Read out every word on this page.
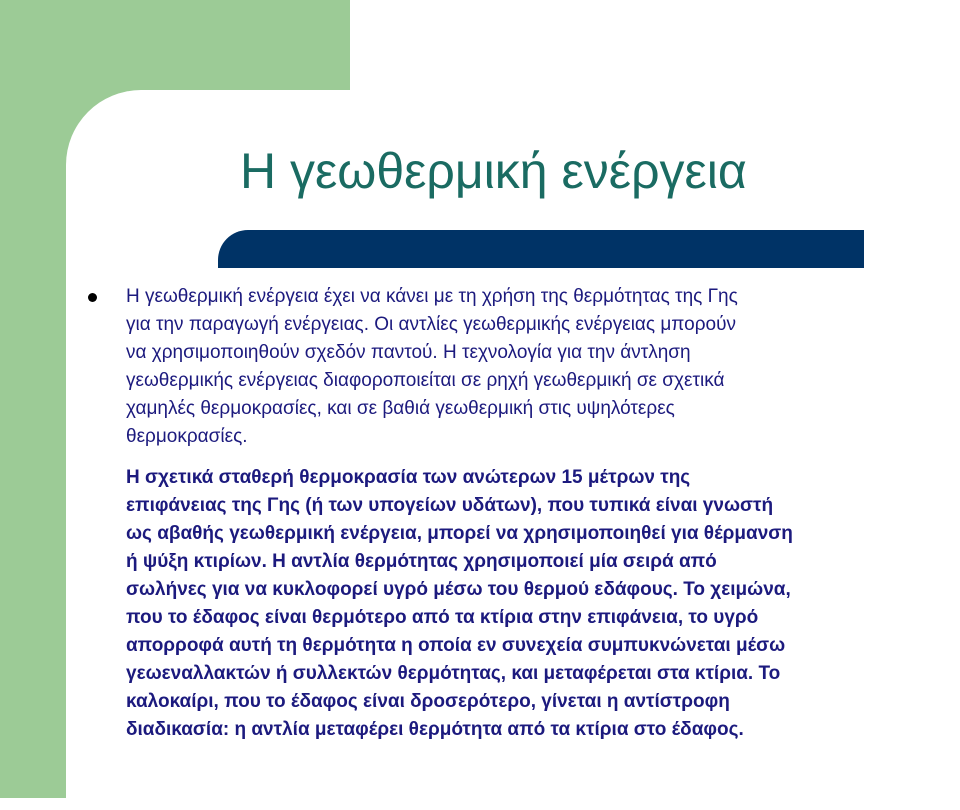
Η γεωθερμική ενέργεια

Η γεωθερμική ενέργεια έχει να κάνει με τη χρήση της θερμότητας της Γης
για την παραγωγή ενέργειας. Οι αντλίες γεωθερμικής ενέργειας μπορούν
να χρησιμοποιηθούν σχεδόν παντού. Η τεχνολογία για την άντληση
γεωθερμικής ενέργειας διαφοροποιείται σε ρηχή γεωθερμική σε σχετικά
χαμηλές θερμοκρασίες, και σε βαθιά γεωθερμική στις υψηλότερες
θερμοκρασίες.

Η σχετικά σταθερή θερμοκρασία των ανώτερων 15 μέτρων της
επιφάνειας της Γης (ή των υπογείων υδάτων), που τυπικά είναι γνωστή
ως αβαθής γεωθερμική ενέργεια, μπορεί να χρησιμοποιηθεί για θέρμανση
ή ψύξη κτιρίων. Η αντλία θερμότητας χρησιμοποιεί μία σειρά από
σωλήνες για να κυκλοφορεί υγρό μέσω του θερμού εδάφους. Το χειμώνα,
που το έδαφος είναι θερμότερο από τα κτίρια στην επιφάνεια, το υγρό
απορροφά αυτή τη θερμότητα η οποία εν συνεχεία συμπυκνώνεται μέσω
γεωεναλλακτών ή συλλεκτών θερμότητας, και μεταφέρεται στα κτίρια. Το
καλοκαίρι, που το έδαφος είναι δροσερότερο, γίνεται η αντίστροφη
διαδικασία: η αντλία μεταφέρει θερμότητα από τα κτίρια στο έδαφος.
